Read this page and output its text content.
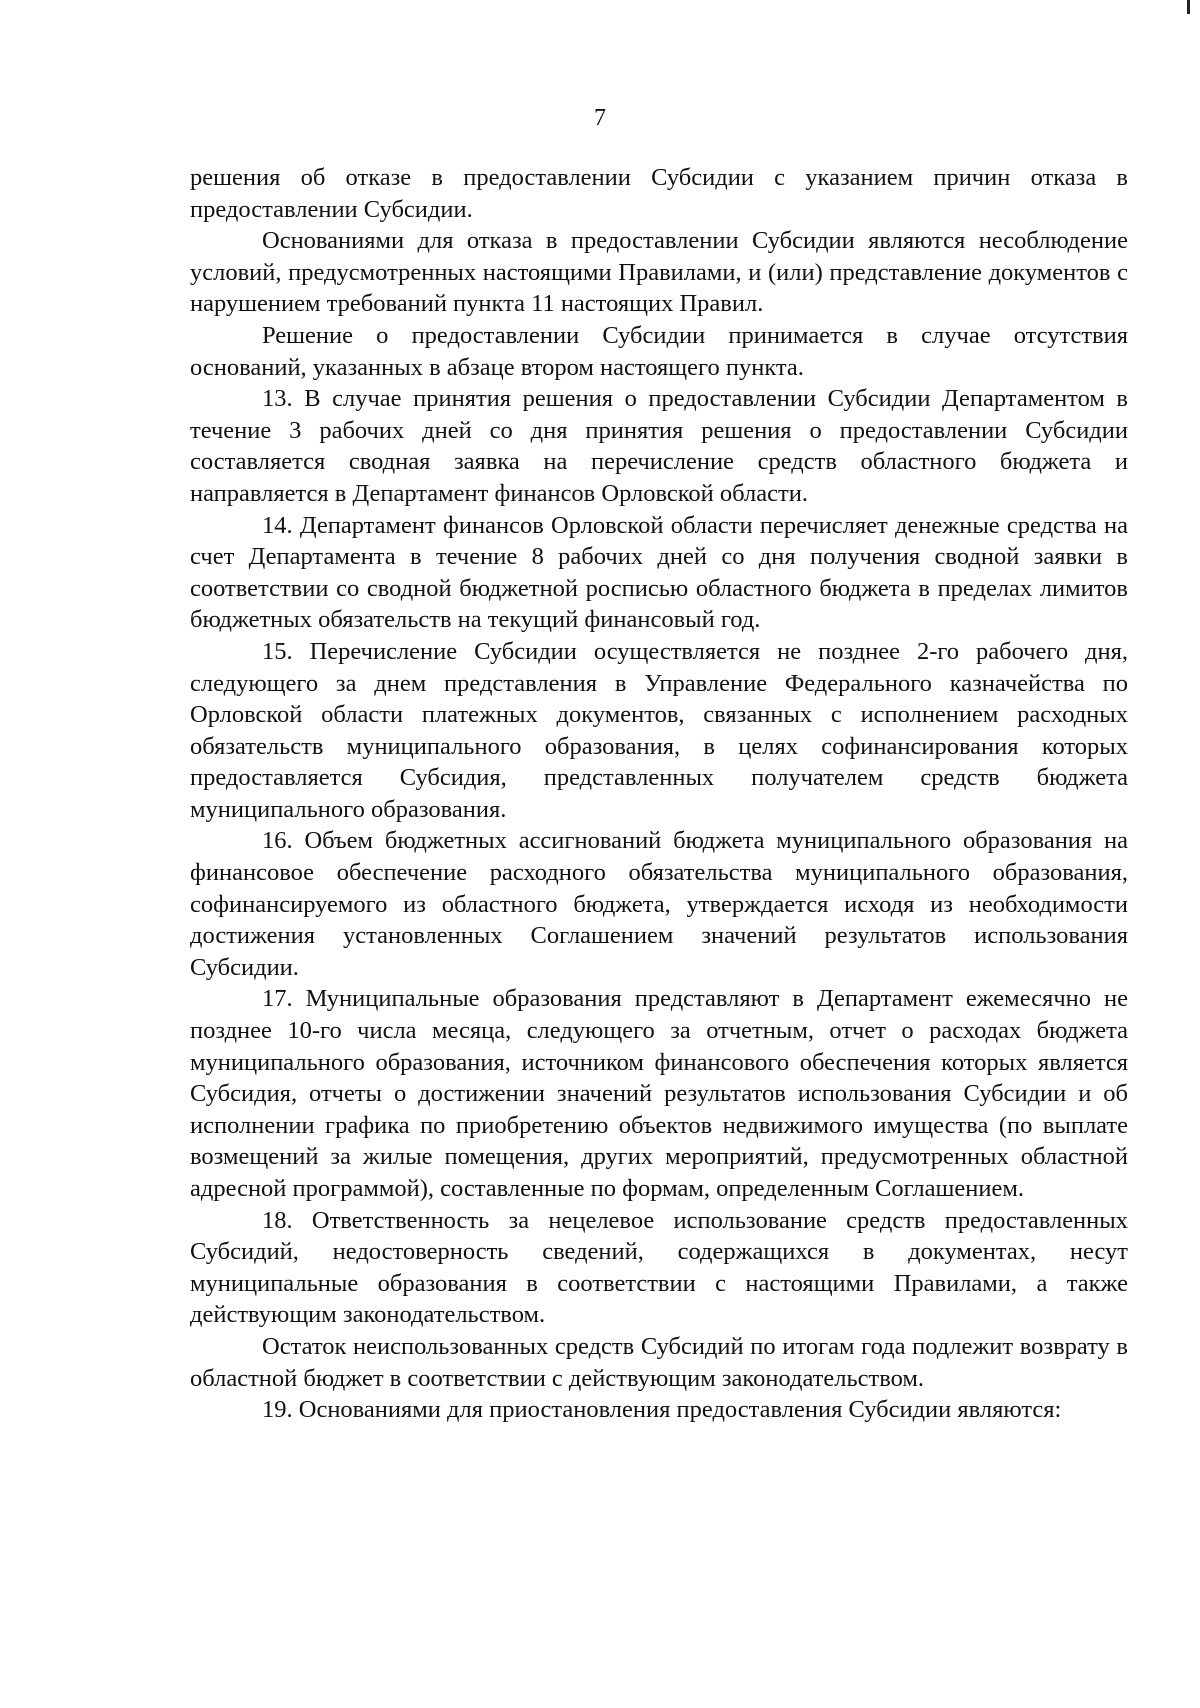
7

решения об отказе в предоставлении Субсидии с указанием причин отказа в предоставлении Субсидии.

Основаниями для отказа в предоставлении Субсидии являются несоблюдение условий, предусмотренных настоящими Правилами, и (или) представление документов с нарушением требований пункта 11 настоящих Правил.

Решение о предоставлении Субсидии принимается в случае отсутствия оснований, указанных в абзаце втором настоящего пункта.

13. В случае принятия решения о предоставлении Субсидии Департаментом в течение 3 рабочих дней со дня принятия решения о предоставлении Субсидии составляется сводная заявка на перечисление средств областного бюджета и направляется в Департамент финансов Орловской области.

14. Департамент финансов Орловской области перечисляет денежные средства на счет Департамента в течение 8 рабочих дней со дня получения сводной заявки в соответствии со сводной бюджетной росписью областного бюджета в пределах лимитов бюджетных обязательств на текущий финансовый год.

15. Перечисление Субсидии осуществляется не позднее 2-го рабочего дня, следующего за днем представления в Управление Федерального казначейства по Орловской области платежных документов, связанных с исполнением расходных обязательств муниципального образования, в целях софинансирования которых предоставляется Субсидия, представленных получателем средств бюджета муниципального образования.

16. Объем бюджетных ассигнований бюджета муниципального образования на финансовое обеспечение расходного обязательства муниципального образования, софинансируемого из областного бюджета, утверждается исходя из необходимости достижения установленных Соглашением значений результатов использования Субсидии.

17. Муниципальные образования представляют в Департамент ежемесячно не позднее 10-го числа месяца, следующего за отчетным, отчет о расходах бюджета муниципального образования, источником финансового обеспечения которых является Субсидия, отчеты о достижении значений результатов использования Субсидии и об исполнении графика по приобретению объектов недвижимого имущества (по выплате возмещений за жилые помещения, других мероприятий, предусмотренных областной адресной программой), составленные по формам, определенным Соглашением.

18. Ответственность за нецелевое использование средств предоставленных Субсидий, недостоверность сведений, содержащихся в документах, несут муниципальные образования в соответствии с настоящими Правилами, а также действующим законодательством.

Остаток неиспользованных средств Субсидий по итогам года подлежит возврату в областной бюджет в соответствии с действующим законодательством.

19. Основаниями для приостановления предоставления Субсидии являются:
